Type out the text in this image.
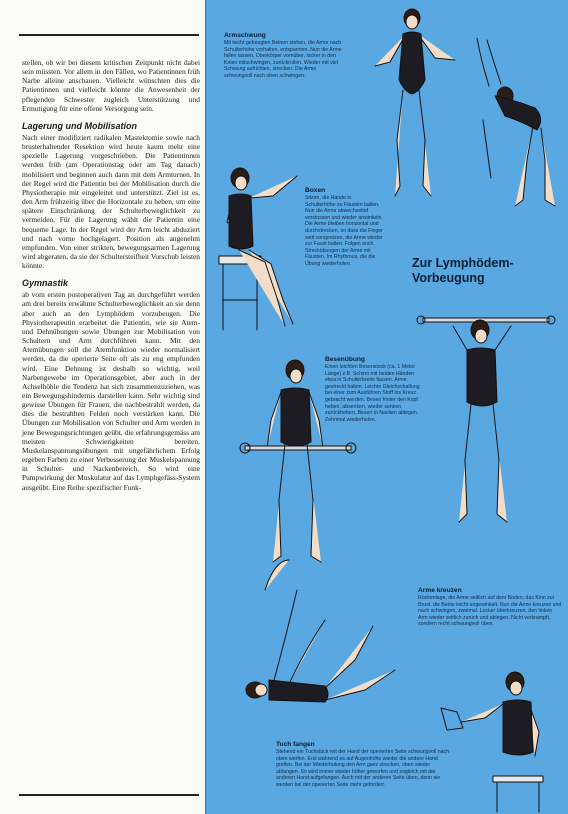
stellen, ob wir bei diesem kritischen Zeitpunkt nicht dabei sein müssten. Vor allem in den Fällen, wo Patientinnen früh Narbe alleine anschauen. Vielleicht wünschten dies die Patientinnen und vielleicht könnte die Anwesenheit der pflegenden Schwester zugleich Unterstützung und Ermutigung für eine offene Versorgung sein.

Lagerung und Mobilisation

Nach einer modifiziert radikalen Mastektomie sowie nach brusterhaltender Resektion wird heute kaum mehr eine spezielle Lagerung vorgeschrieben. Die Patientinnen werden früh (am Operationstag oder am Tag danach) mobilisiert und beginnen auch dann mit dem Armturnen. In der Regel wird die Patientin bei der Mobilisation durch die Physiotherapie mit eingeleitet und unterstützt. Ziel ist es, den Arm frühzeitig über die Horizontale zu heben, um eine spätere Einschränkung der Schulterbeweglichkeit zu vermeiden. Für die Lagerung wählt die Patientin eine bequeme Lage. In der Regel wird der Arm leicht abduziert und nach vorne hochgelagert. Position als angenehm empfunden. Von einer strikten, bewegungsarmen Lagerung wird abgeraten, da sie der Schultersteifheit Vorschub leisten könnte.

Gymnastik

ab vom ersten postoperativen Tag an durchgeführt werden am drei bereits erwähnte Schulterbeweglichkeit an sie denn aber auch an den Lymphödem vorzubeugen. Die Physiotherapeutin erarbeitet die Patientin, wie sie Atem- und Dehnübungen sowie Übungen zur Mobilisation von Schultern und Arm durchführen kann. Mit den Atemübungen soll die Atemfunktion wieder normalisiert werden, da die operierte Seite oft als zu eng empfunden wird. Eine Dehnung ist deshalb so wichtig, weil Narbengewebe im Operationsgebiet, aber auch in der Achselhöhle die Tendenz hat sich zusammenzuziehen, was ein Bewegungshindernis darstellen kann. Sehr wichtig sind gewisse Übungen für Frauen, die nachbestrahlt werden, da dies die bestrahlten Felden noch verstärken kann. Die Übungen zur Mobilisation von Schulter und Arm werden in jene Bewegungsrichtungen geübt, die erfahrungsgemäss am meisten Schwierigkeiten bereiten. Muskelanspannungsübungen mit ungefährlichem Erfolg ergeben Farben zu einer Verbesserung der Muskelspannung in Schulter- und Nackenbereich. So wird eine Pumpwirkung der Muskulatur auf das Lymphgefäss-System ausgeübt. Eine Reihe spezifischer Funk-

Armschwung
Mit leicht gebeugten Beinen stehen, die Arme nach Schulterhöhe vorhalten, entspannen. Nun die Arme fallen lassen, Oberkörper vornüber, locker in den Knien mitschwingen, zurückrollen. Wieder mit viel Schwung aufrichten, strecken. Die Arme schwungvoll nach oben schwingen.
Boxen
Sitzen, die Hände in Schulterhöhe zu Fäusten ballen. Nun die Arme abwechselnd vorstossen und wieder anwinkeln. Die Arme bleiben horizontal und durchstrecken, so dass die Finger weit vorspreizen, die Arme wieder zur Faust ballen. Folgen auch Streckübungen der Arme mit Fäusten. Im Rhythmus, die die Übung wiederholen.	Zur Lymphödem-Vorbeugung
Besenübung
Einen leichten Besenstock (ca. 1 Meter Länge) z.B. Schirm mit beiden Händen etwa in Schulterbreite fassen. Arme gestreckt halten. Leichte Gleichschaltung bei einer zum Ausführen Stoff ins Kreuz gebracht werden. Besen hinter den Kopf heben, absenken, wieder senken, zurückheben, Besen in Nacken ablegen. Zehnmal wiederholen.
Arme kreuzen
Rückenlage, die Arme seitlich auf dem Boden, das Kinn zur Brust, die Beine leicht angewinkelt. Nun die Arme kreuzen und nach schwingen, zweimal. Locker überkreuzen, den linken Arm wieder seitlich zurück und ablegen. Nicht verkrampft, sondern recht schwungvoll üben.
Tuch fangen
Stehend ein Tuchstück mit der Hand der operierten Seite schwungvoll nach oben werfen. Erst während es auf Augenhöhe wieder die andere Hand greifen. Bei der Wiederholung den Arm ganz strecken, oben wieder abfangen. So wird immer wieder höher geworfen und sogleich mit der anderen Hand aufgefangen. Auch mit der anderen Seite üben, denn sie werden bei der operierten Seite mehr gefordert.
